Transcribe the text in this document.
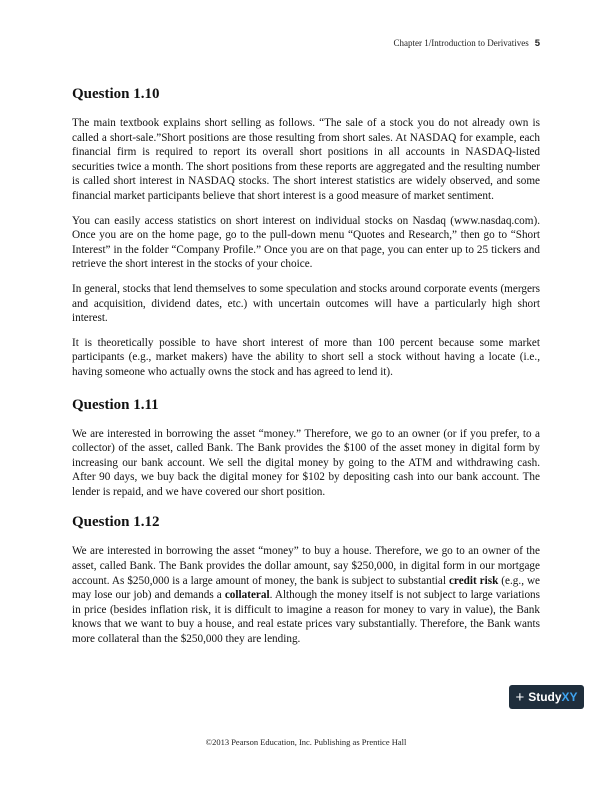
Chapter 1/Introduction to Derivatives 5
Question 1.10

The main textbook explains short selling as follows. “The sale of a stock you do not already own is called a short-sale.”Short positions are those resulting from short sales. At NASDAQ for example, each financial firm is required to report its overall short positions in all accounts in NASDAQ-listed securities twice a month. The short positions from these reports are aggregated and the resulting number is called short interest in NASDAQ stocks. The short interest statistics are widely observed, and some financial market participants believe that short interest is a good measure of market sentiment.

You can easily access statistics on short interest on individual stocks on Nasdaq (www.nasdaq.com). Once you are on the home page, go to the pull-down menu “Quotes and Research,” then go to “Short Interest” in the folder “Company Profile.” Once you are on that page, you can enter up to 25 tickers and retrieve the short interest in the stocks of your choice.

In general, stocks that lend themselves to some speculation and stocks around corporate events (mergers and acquisition, dividend dates, etc.) with uncertain outcomes will have a particularly high short interest.

It is theoretically possible to have short interest of more than 100 percent because some market participants (e.g., market makers) have the ability to short sell a stock without having a locate (i.e., having someone who actually owns the stock and has agreed to lend it).

Question 1.11

We are interested in borrowing the asset “money.” Therefore, we go to an owner (or if you prefer, to a collector) of the asset, called Bank. The Bank provides the $100 of the asset money in digital form by increasing our bank account. We sell the digital money by going to the ATM and withdrawing cash. After 90 days, we buy back the digital money for $102 by depositing cash into our bank account. The lender is repaid, and we have covered our short position.

Question 1.12

We are interested in borrowing the asset “money” to buy a house. Therefore, we go to an owner of the asset, called Bank. The Bank provides the dollar amount, say $250,000, in digital form in our mortgage account. As $250,000 is a large amount of money, the bank is subject to substantial credit risk (e.g., we may lose our job) and demands a collateral. Although the money itself is not subject to large variations in price (besides inflation risk, it is difficult to imagine a reason for money to vary in value), the Bank knows that we want to buy a house, and real estate prices vary substantially. Therefore, the Bank wants more collateral than the $250,000 they are lending.

+ Study XY
©2013 Pearson Education, Inc. Publishing as Prentice Hall
